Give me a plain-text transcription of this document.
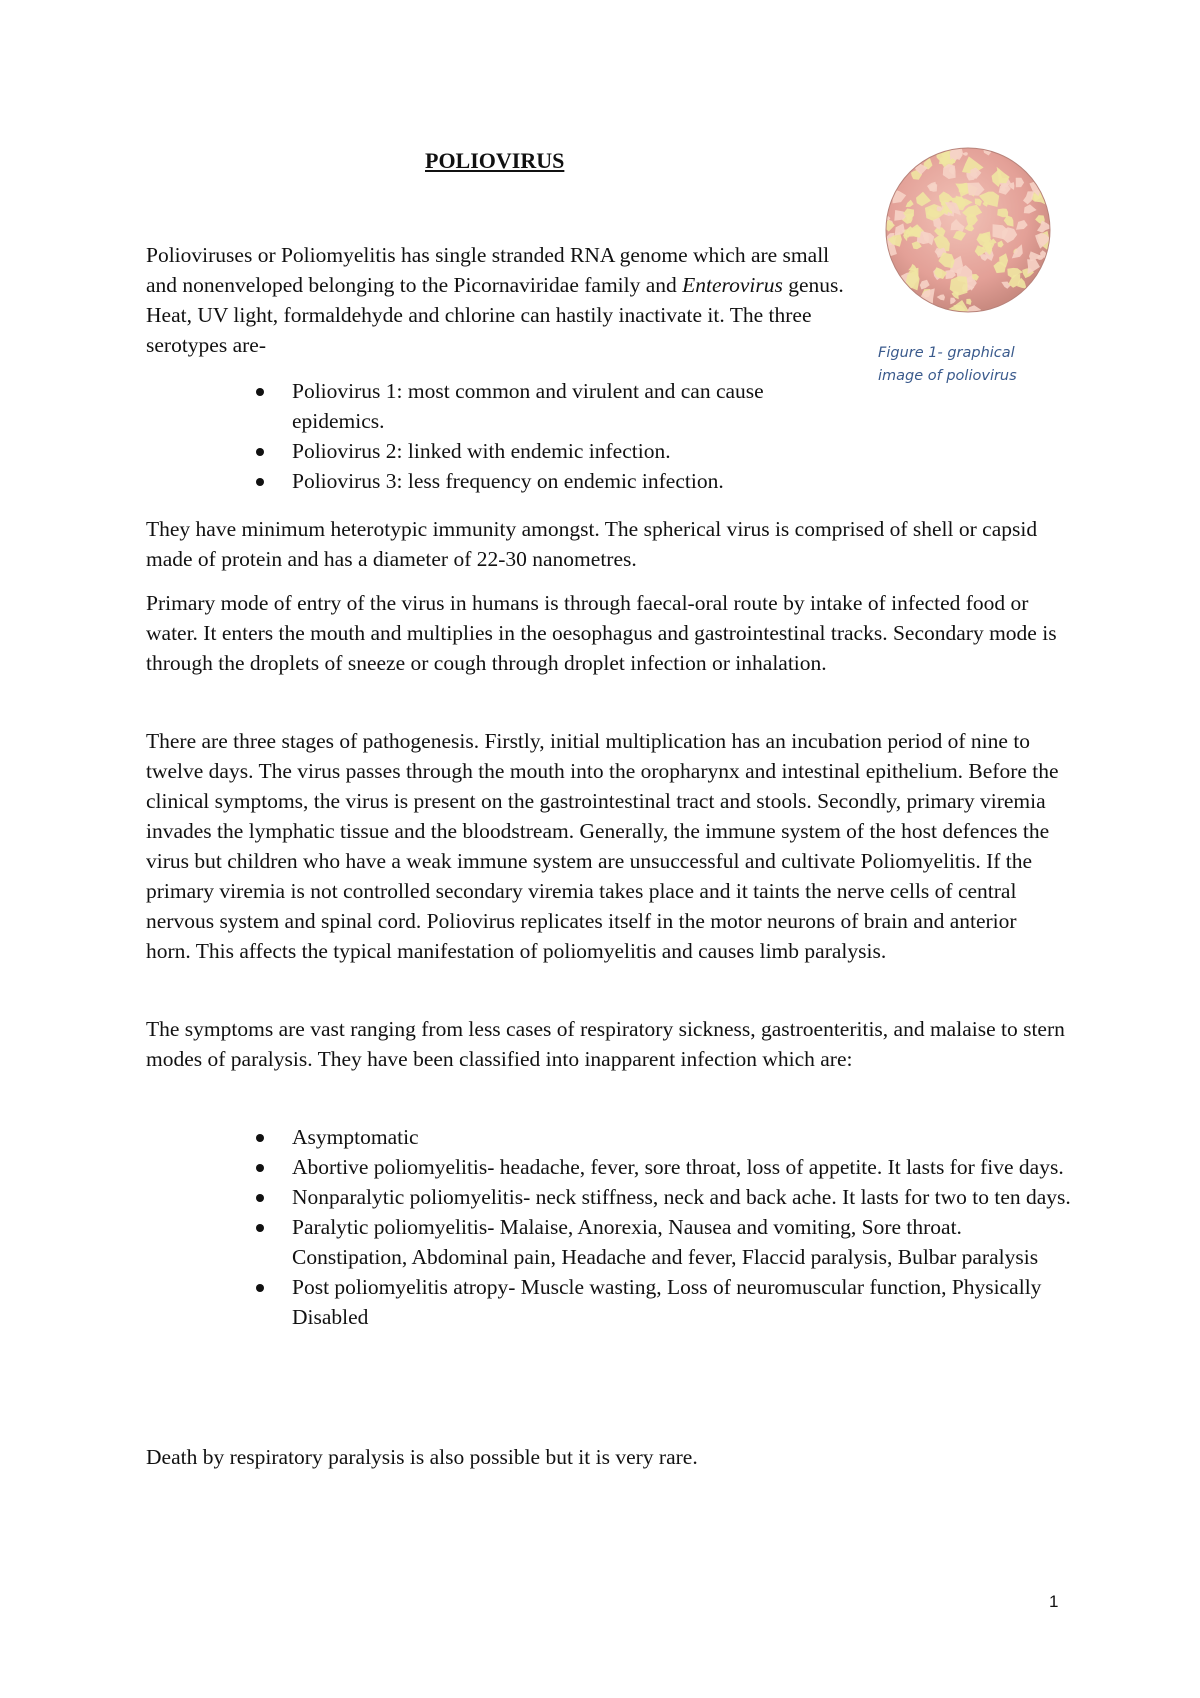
POLIOVIRUS

Polioviruses or Poliomyelitis has single stranded RNA genome which are small and nonenveloped belonging to the Picornaviridae family and Enterovirus genus. Heat, UV light, formaldehyde and chlorine can hastily inactivate it. The three serotypes are-	Figure 1- graphical image of poliovirus
Poliovirus 1: most common and virulent and can cause epidemics.
Poliovirus 2: linked with endemic infection.
Poliovirus 3: less frequency on endemic infection.

They have minimum heterotypic immunity amongst. The spherical virus is comprised of shell or capsid made of protein and has a diameter of 22-30 nanometres.

Primary mode of entry of the virus in humans is through faecal-oral route by intake of infected food or water. It enters the mouth and multiplies in the oesophagus and gastrointestinal tracks. Secondary mode is through the droplets of sneeze or cough through droplet infection or inhalation.

There are three stages of pathogenesis. Firstly, initial multiplication has an incubation period of nine to twelve days. The virus passes through the mouth into the oropharynx and intestinal epithelium. Before the clinical symptoms, the virus is present on the gastrointestinal tract and stools. Secondly, primary viremia invades the lymphatic tissue and the bloodstream. Generally, the immune system of the host defences the virus but children who have a weak immune system are unsuccessful and cultivate Poliomyelitis. If the primary viremia is not controlled secondary viremia takes place and it taints the nerve cells of central nervous system and spinal cord. Poliovirus replicates itself in the motor neurons of brain and anterior horn. This affects the typical manifestation of poliomyelitis and causes limb paralysis.

The symptoms are vast ranging from less cases of respiratory sickness, gastroenteritis, and malaise to stern modes of paralysis. They have been classified into inapparent infection which are:

Asymptomatic
Abortive poliomyelitis- headache, fever, sore throat, loss of appetite. It lasts for five days.
Nonparalytic poliomyelitis- neck stiffness, neck and back ache. It lasts for two to ten days.
Paralytic poliomyelitis- Malaise, Anorexia, Nausea and vomiting, Sore throat. Constipation, Abdominal pain, Headache and fever, Flaccid paralysis, Bulbar paralysis
Post poliomyelitis atropy- Muscle wasting, Loss of neuromuscular function, Physically Disabled

Death by respiratory paralysis is also possible but it is very rare.

1
